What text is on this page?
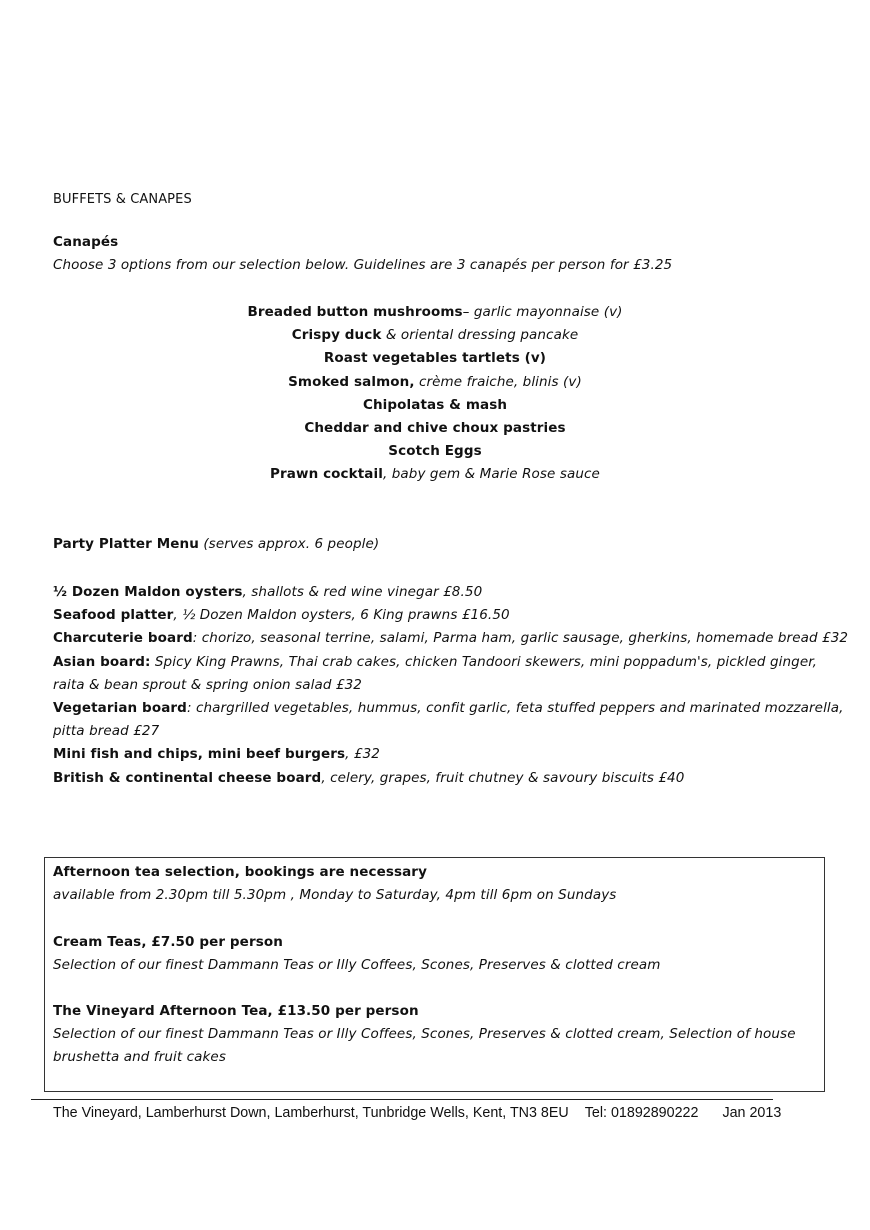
BUFFETS & CANAPES
Canapés
Choose 3 options from our selection below. Guidelines are 3 canapés per person for £3.25
Breaded button mushrooms– garlic mayonnaise (v)
Crispy duck & oriental dressing pancake
Roast vegetables tartlets (v)
Smoked salmon, crème fraiche, blinis (v)
Chipolatas & mash
Cheddar and chive choux pastries
Scotch Eggs
Prawn cocktail, baby gem & Marie Rose sauce
Party Platter Menu (serves approx. 6 people)
½ Dozen Maldon oysters, shallots & red wine vinegar £8.50
Seafood platter, ½ Dozen Maldon oysters, 6 King prawns £16.50
Charcuterie board: chorizo, seasonal terrine, salami, Parma ham, garlic sausage, gherkins, homemade bread £32
Asian board: Spicy King Prawns, Thai crab cakes, chicken Tandoori skewers, mini poppadum's, pickled ginger,
raita & bean sprout & spring onion salad £32
Vegetarian board: chargrilled vegetables, hummus, confit garlic, feta stuffed peppers and marinated mozzarella,
pitta bread £27
Mini fish and chips, mini beef burgers, £32
British & continental cheese board, celery, grapes, fruit chutney & savoury biscuits £40
Afternoon tea selection, bookings are necessary
available from 2.30pm till 5.30pm , Monday to Saturday, 4pm till 6pm on Sundays
Cream Teas, £7.50 per person
Selection of our finest Dammann Teas or Illy Coffees, Scones, Preserves & clotted cream
The Vineyard Afternoon Tea, £13.50 per person
Selection of our finest Dammann Teas or Illy Coffees, Scones, Preserves & clotted cream, Selection of house
brushetta and fruit cakes
The Vineyard, Lamberhurst Down, Lamberhurst, Tunbridge Wells, Kent, TN3 8EU Tel: 01892890222 Jan 2013
